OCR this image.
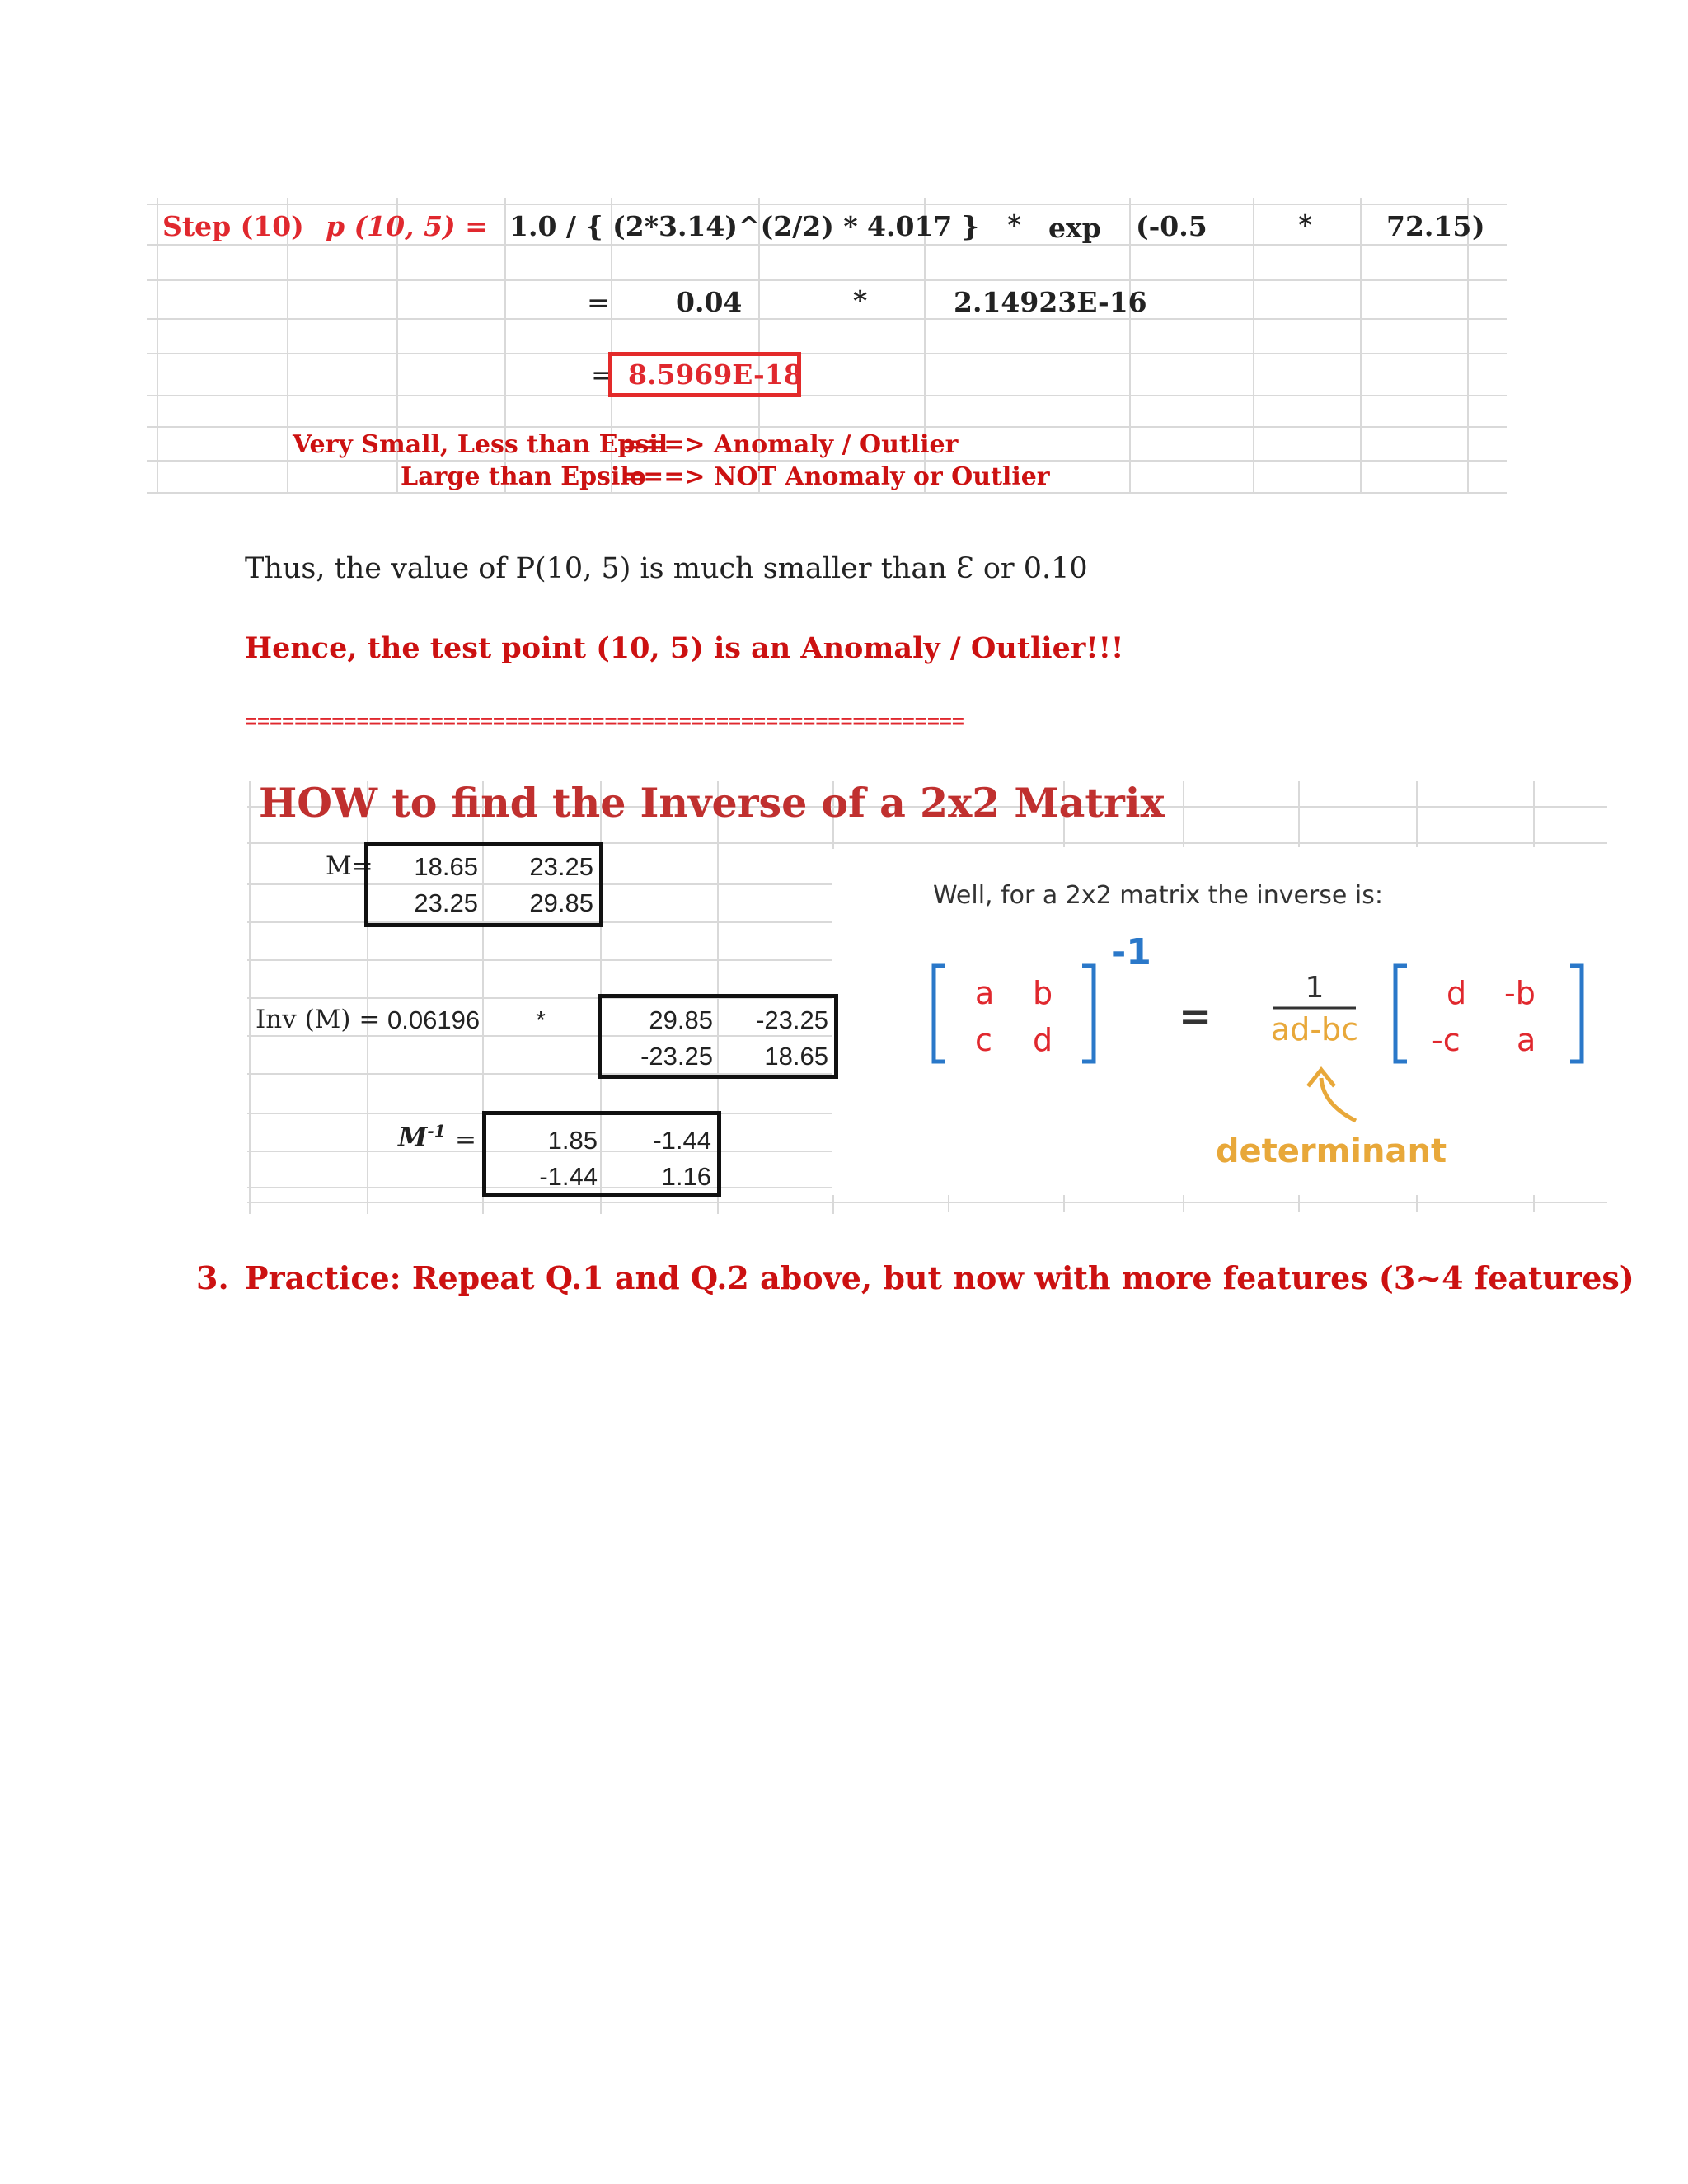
Step (10) p (10, 5) = 1.0 / { (2*3.14)^(2/2) * 4.017 } * exp (-0.5	*	72.15 )
= 0.04	*	2.14923E-16
= 8.5969E-18
Very Small, Less than Epsil
===> Anomaly / Outlier
Large than Epsilo
===> NOT Anomaly or Outlier
Thus, the value of P(10, 5) is much smaller than Ɛ or 0.10
Hence, the test point (10, 5) is an Anomaly / Outlier!!!
==========================================================
HOW to find the Inverse of a 2x2 Matrix
M=	18.65	23.25
23.25	29.85
Inv (M) = 0.06196 *	29.85	-23.25
-23.25	18.65
$M^{-1}$ =	1.85	-1.44
-1.44	1.16
Well, for a 2x2 matrix the inverse is:
a b
c d
-1
=
1
ad-bc
d -b
-c a
determinant
3. Practice: Repeat Q.1 and Q.2 above, but now with more features (3~4 features)
